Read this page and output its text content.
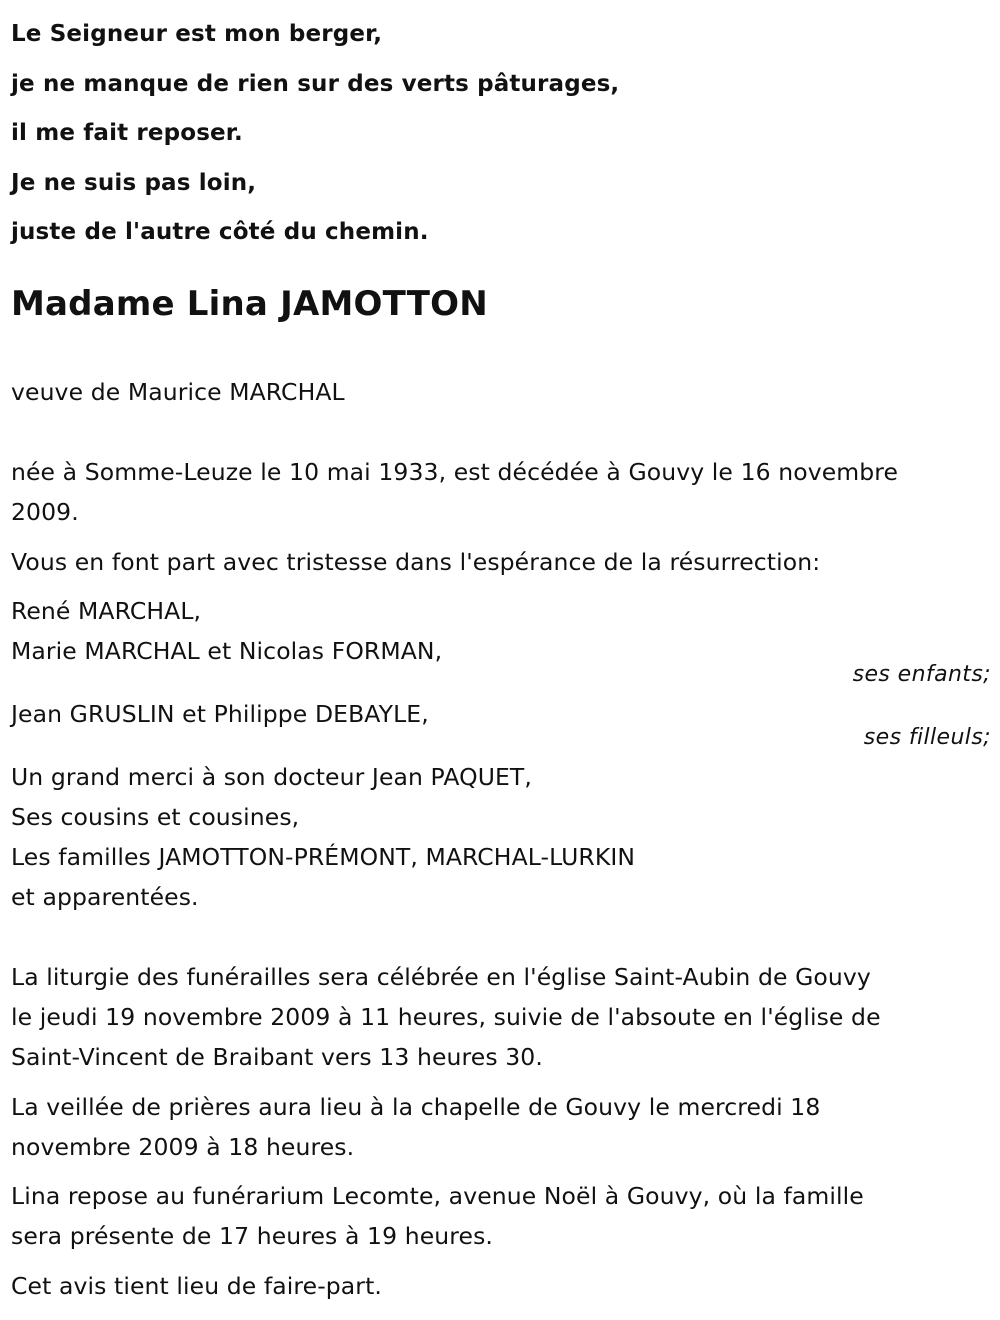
Le Seigneur est mon berger,
je ne manque de rien sur des verts pâturages,
il me fait reposer.
Je ne suis pas loin,
juste de l'autre côté du chemin.
Madame Lina JAMOTTON
veuve de Maurice MARCHAL
née à Somme-Leuze le 10 mai 1933, est décédée à Gouvy le 16 novembre
2009.
Vous en font part avec tristesse dans l'espérance de la résurrection:
René MARCHAL,
Marie MARCHAL et Nicolas FORMAN,
ses enfants;
Jean GRUSLIN et Philippe DEBAYLE,
ses filleuls;
Un grand merci à son docteur Jean PAQUET,
Ses cousins et cousines,
Les familles JAMOTTON-PRÉMONT, MARCHAL-LURKIN
et apparentées.
La liturgie des funérailles sera célébrée en l'église Saint-Aubin de Gouvy
le jeudi 19 novembre 2009 à 11 heures, suivie de l'absoute en l'église de
Saint-Vincent de Braibant vers 13 heures 30.
La veillée de prières aura lieu à la chapelle de Gouvy le mercredi 18
novembre 2009 à 18 heures.
Lina repose au funérarium Lecomte, avenue Noël à Gouvy, où la famille
sera présente de 17 heures à 19 heures.
Cet avis tient lieu de faire-part.
